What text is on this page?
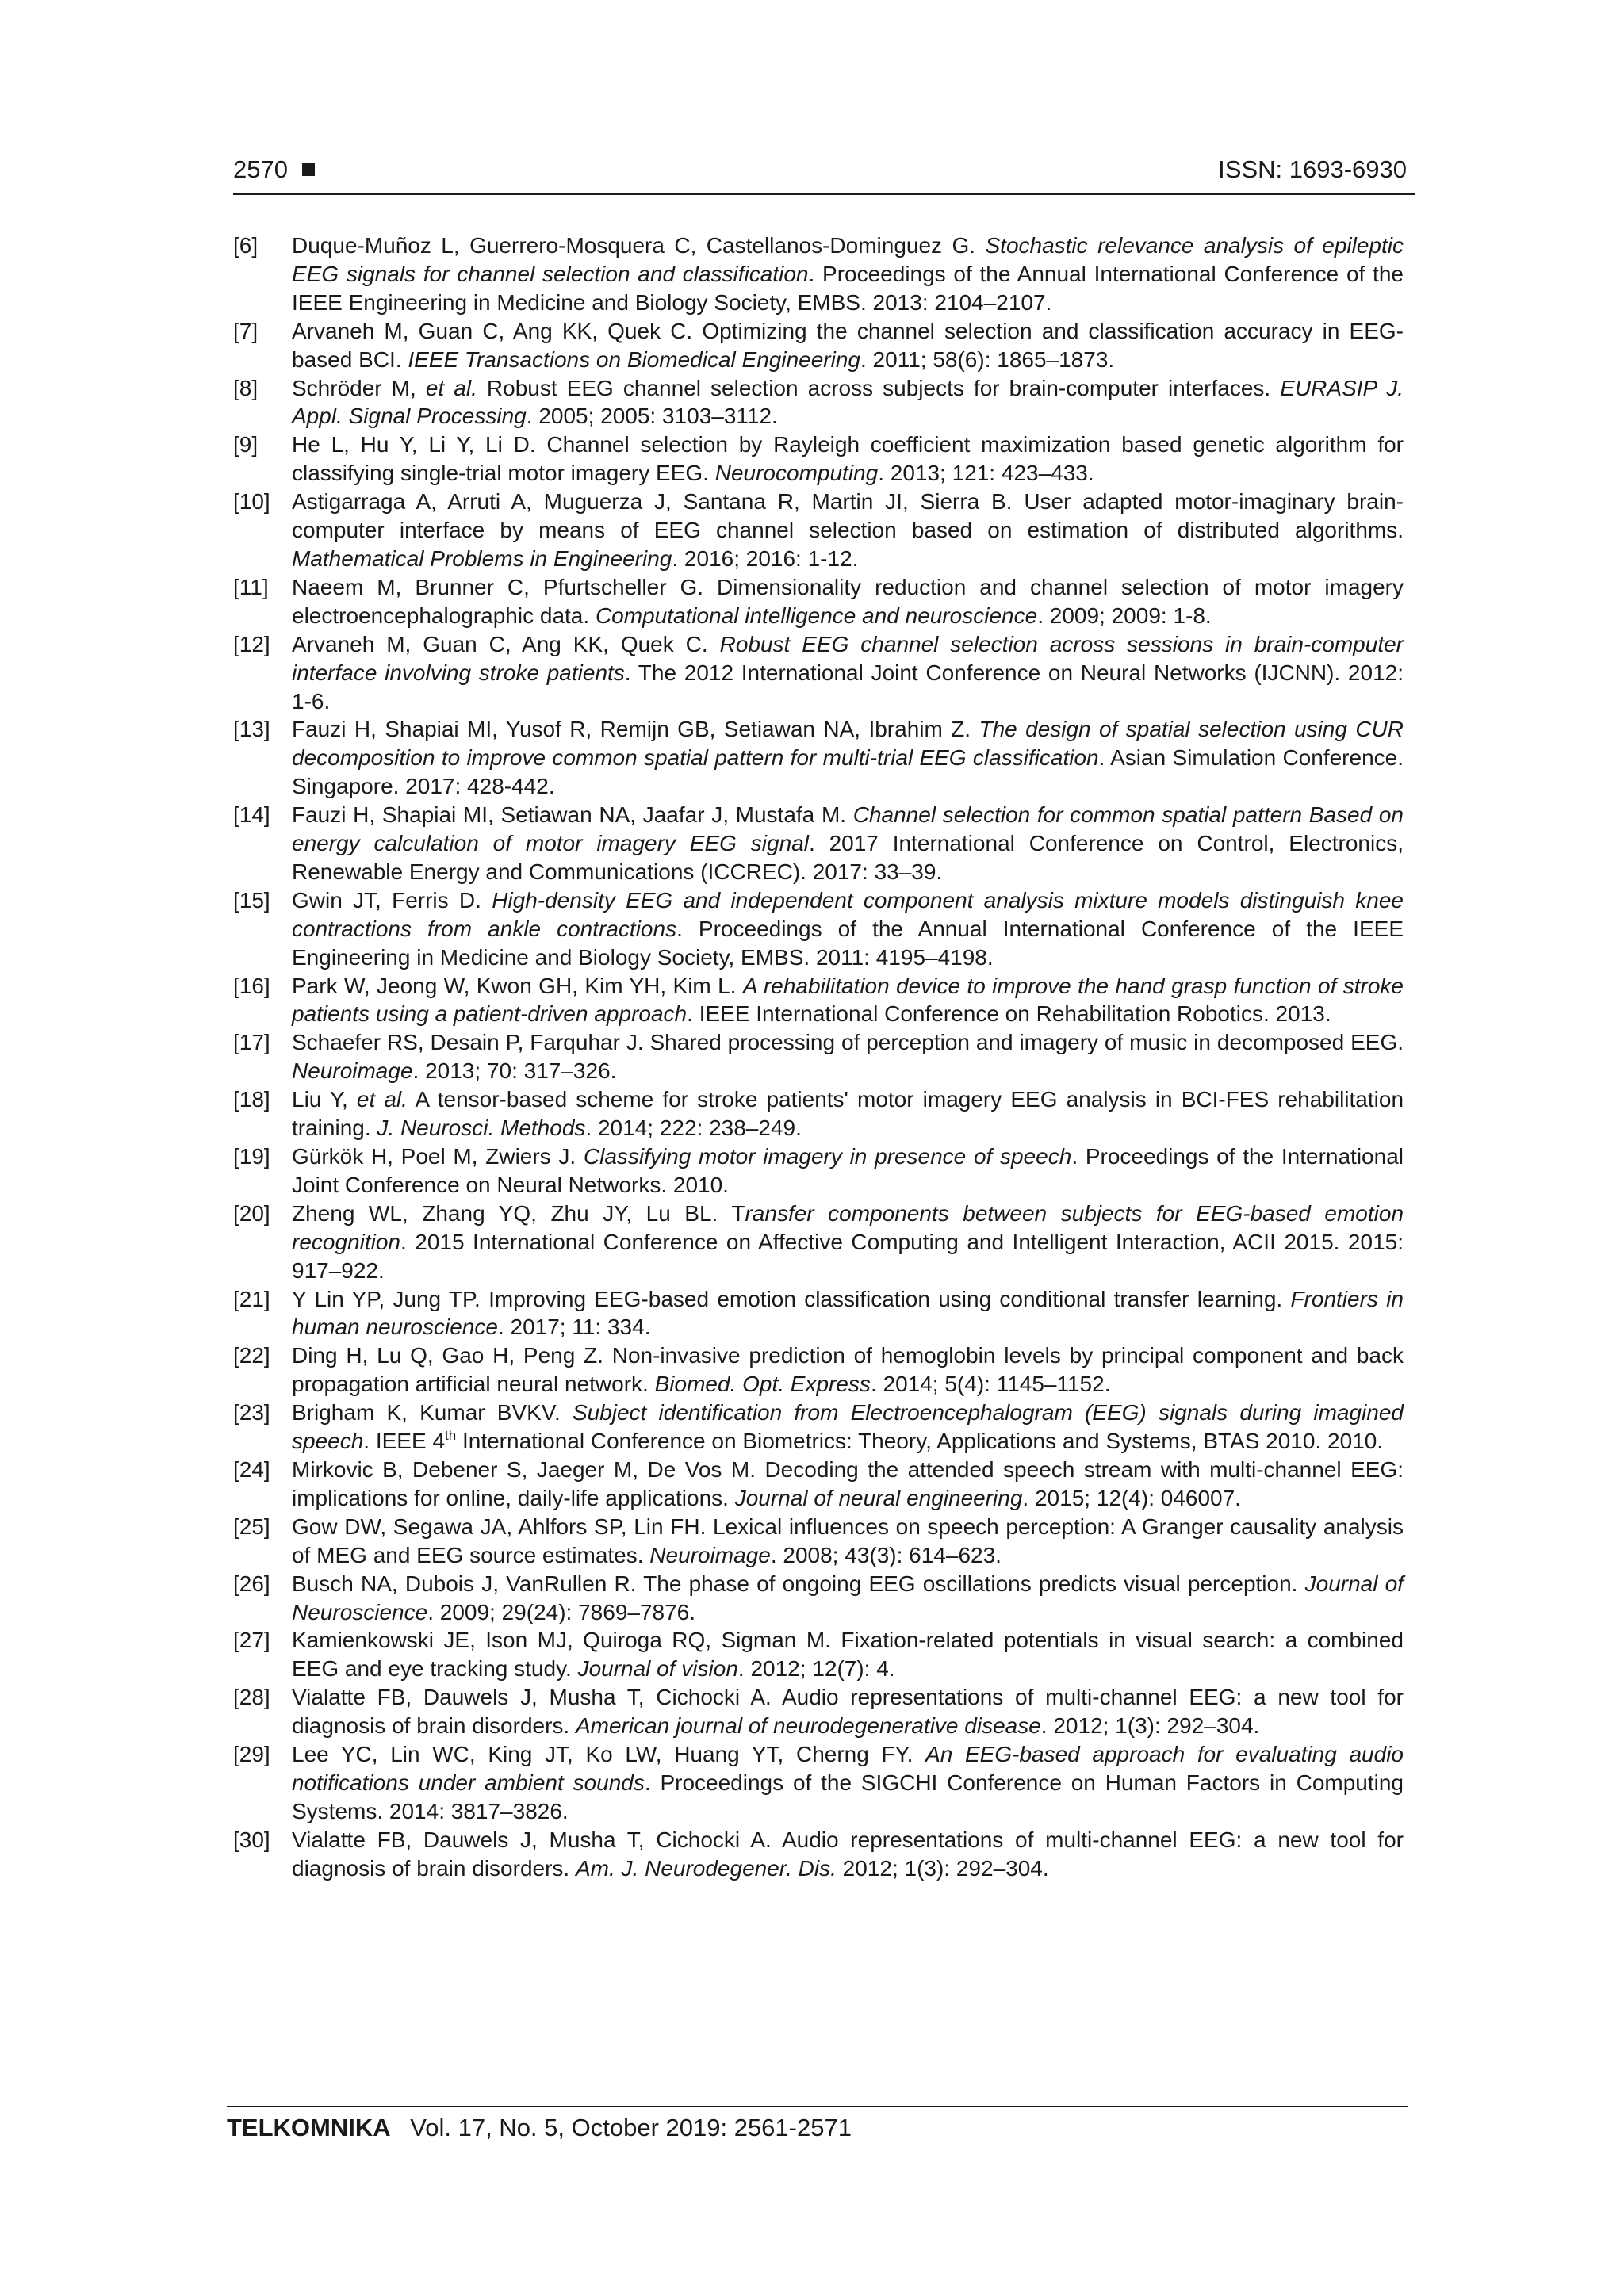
2570	ISSN: 1693-6930
[6]	Duque-Muñoz L, Guerrero-Mosquera C, Castellanos-Dominguez G. Stochastic relevance analysis of epileptic EEG signals for channel selection and classification. Proceedings of the Annual International Conference of the IEEE Engineering in Medicine and Biology Society, EMBS. 2013: 2104–2107.
[7]	Arvaneh M, Guan C, Ang KK, Quek C. Optimizing the channel selection and classification accuracy in EEG-based BCI. IEEE Transactions on Biomedical Engineering. 2011; 58(6): 1865–1873.
[8]	Schröder M, et al. Robust EEG channel selection across subjects for brain-computer interfaces. EURASIP J. Appl. Signal Processing. 2005; 2005: 3103–3112.
[9]	He L, Hu Y, Li Y, Li D. Channel selection by Rayleigh coefficient maximization based genetic algorithm for classifying single-trial motor imagery EEG. Neurocomputing. 2013; 121: 423–433.
[10] Astigarraga A, Arruti A, Muguerza J, Santana R, Martin JI, Sierra B. User adapted motor-imaginary brain-computer interface by means of EEG channel selection based on estimation of distributed algorithms. Mathematical Problems in Engineering. 2016; 2016: 1-12.
[11]	Naeem M, Brunner C, Pfurtscheller G. Dimensionality reduction and channel selection of motor imagery electroencephalographic data. Computational intelligence and neuroscience. 2009; 2009: 1-8.
[12] Arvaneh M, Guan C, Ang KK, Quek C. Robust EEG channel selection across sessions in brain-computer interface involving stroke patients. The 2012 International Joint Conference on Neural Networks (IJCNN). 2012: 1-6.
[13] Fauzi H, Shapiai MI, Yusof R, Remijn GB, Setiawan NA, Ibrahim Z. The design of spatial selection using CUR decomposition to improve common spatial pattern for multi-trial EEG classification. Asian Simulation Conference. Singapore. 2017: 428-442.
[14] Fauzi H, Shapiai MI, Setiawan NA, Jaafar J, Mustafa M. Channel selection for common spatial pattern Based on energy calculation of motor imagery EEG signal. 2017 International Conference on Control, Electronics, Renewable Energy and Communications (ICCREC). 2017: 33–39.
[15] Gwin JT, Ferris D. High-density EEG and independent component analysis mixture models distinguish knee contractions from ankle contractions. Proceedings of the Annual International Conference of the IEEE Engineering in Medicine and Biology Society, EMBS. 2011: 4195–4198.
[16] Park W, Jeong W, Kwon GH, Kim YH, Kim L. A rehabilitation device to improve the hand grasp function of stroke patients using a patient-driven approach. IEEE International Conference on Rehabilitation Robotics. 2013.
[17] Schaefer RS, Desain P, Farquhar J. Shared processing of perception and imagery of music in decomposed EEG. Neuroimage. 2013; 70: 317–326.
[18] Liu Y, et al. A tensor-based scheme for stroke patients' motor imagery EEG analysis in BCI-FES rehabilitation training. J. Neurosci. Methods. 2014; 222: 238–249.
[19] Gürkök H, Poel M, Zwiers J. Classifying motor imagery in presence of speech. Proceedings of the International Joint Conference on Neural Networks. 2010.
[20] Zheng WL, Zhang YQ, Zhu JY, Lu BL. Transfer components between subjects for EEG-based emotion recognition. 2015 International Conference on Affective Computing and Intelligent Interaction, ACII 2015. 2015: 917–922.
[21] Y Lin YP, Jung TP. Improving EEG-based emotion classification using conditional transfer learning. Frontiers in human neuroscience. 2017; 11: 334.
[22] Ding H, Lu Q, Gao H, Peng Z. Non-invasive prediction of hemoglobin levels by principal component and back propagation artificial neural network. Biomed. Opt. Express. 2014; 5(4): 1145–1152.
[23] Brigham K, Kumar BVKV. Subject identification from Electroencephalogram (EEG) signals during imagined speech. IEEE 4th International Conference on Biometrics: Theory, Applications and Systems, BTAS 2010. 2010.
[24] Mirkovic B, Debener S, Jaeger M, De Vos M. Decoding the attended speech stream with multi-channel EEG: implications for online, daily-life applications. Journal of neural engineering. 2015; 12(4): 046007.
[25] Gow DW, Segawa JA, Ahlfors SP, Lin FH. Lexical influences on speech perception: A Granger causality analysis of MEG and EEG source estimates. Neuroimage. 2008; 43(3): 614–623.
[26] Busch NA, Dubois J, VanRullen R. The phase of ongoing EEG oscillations predicts visual perception. Journal of Neuroscience. 2009; 29(24): 7869–7876.
[27] Kamienkowski JE, Ison MJ, Quiroga RQ, Sigman M. Fixation-related potentials in visual search: a combined EEG and eye tracking study. Journal of vision. 2012; 12(7): 4.
[28] Vialatte FB, Dauwels J, Musha T, Cichocki A. Audio representations of multi-channel EEG: a new tool for diagnosis of brain disorders. American journal of neurodegenerative disease. 2012; 1(3): 292–304.
[29] Lee YC, Lin WC, King JT, Ko LW, Huang YT, Cherng FY. An EEG-based approach for evaluating audio notifications under ambient sounds. Proceedings of the SIGCHI Conference on Human Factors in Computing Systems. 2014: 3817–3826.
[30] Vialatte FB, Dauwels J, Musha T, Cichocki A. Audio representations of multi-channel EEG: a new tool for diagnosis of brain disorders. Am. J. Neurodegener. Dis. 2012; 1(3): 292–304.
TELKOMNIKA Vol. 17, No. 5, October 2019: 2561-2571
